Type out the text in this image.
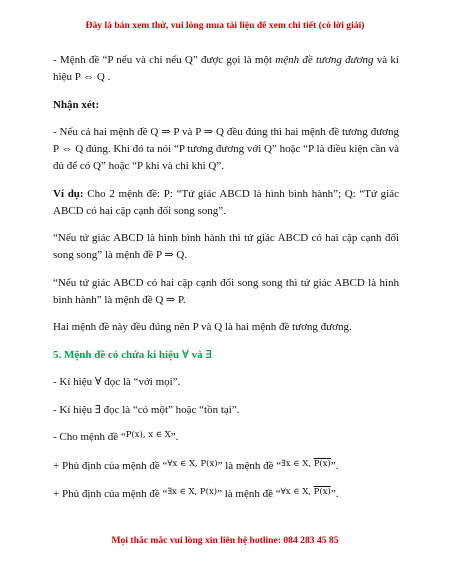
Đây là bản xem thử, vui lòng mua tài liệu để xem chi tiết (có lời giải)

- Mệnh đề “P nếu và chỉ nếu Q” được gọi là một mệnh đề tương đương và kí hiệu P ⇔ Q .

Nhận xét:

- Nếu cả hai mệnh đề Q ⇒ P và P ⇒ Q đều đúng thì hai mệnh đề tương đương P ⇔ Q đúng. Khi đó ta nói “P tương đương với Q” hoặc “P là điều kiện cần và đủ để có Q” hoặc “P khi và chỉ khi Q”.

Ví dụ: Cho 2 mệnh đề: P: “Tứ giác ABCD là hình bình hành”; Q: “Tứ giác ABCD có hai cặp cạnh đối song song”.

“Nếu tứ giác ABCD là hình bình hành thì tứ giác ABCD có hai cặp cạnh đối song song” là mệnh đề P ⇒ Q.

“Nếu tứ giác ABCD có hai cặp cạnh đối song song thì tứ giác ABCD là hình bình hành” là mệnh đề Q ⇒ P.

Hai mệnh đề này đều đúng nên P và Q là hai mệnh đề tương đương.

5. Mệnh đề có chứa kí hiệu ∀ và ∃

- Kí hiệu ∀ đọc là “với mọi”.

- Kí hiệu ∃ đọc là “có một” hoặc “tồn tại”.

- Cho mệnh đề “$^{P(x), x \in X}$”.

+ Phủ định của mệnh đề “$^{\forall x \in X, P(x)}$” là mệnh đề “$^{\exists x \in X, P(x)}$”.

+ Phủ định của mệnh đề “$^{\exists x \in X, P(x)}$” là mệnh đề “$^{\forall x \in X, P(x)}$”.

Mọi thắc mắc vui lòng xin liên hệ hotline: 084 283 45 85
